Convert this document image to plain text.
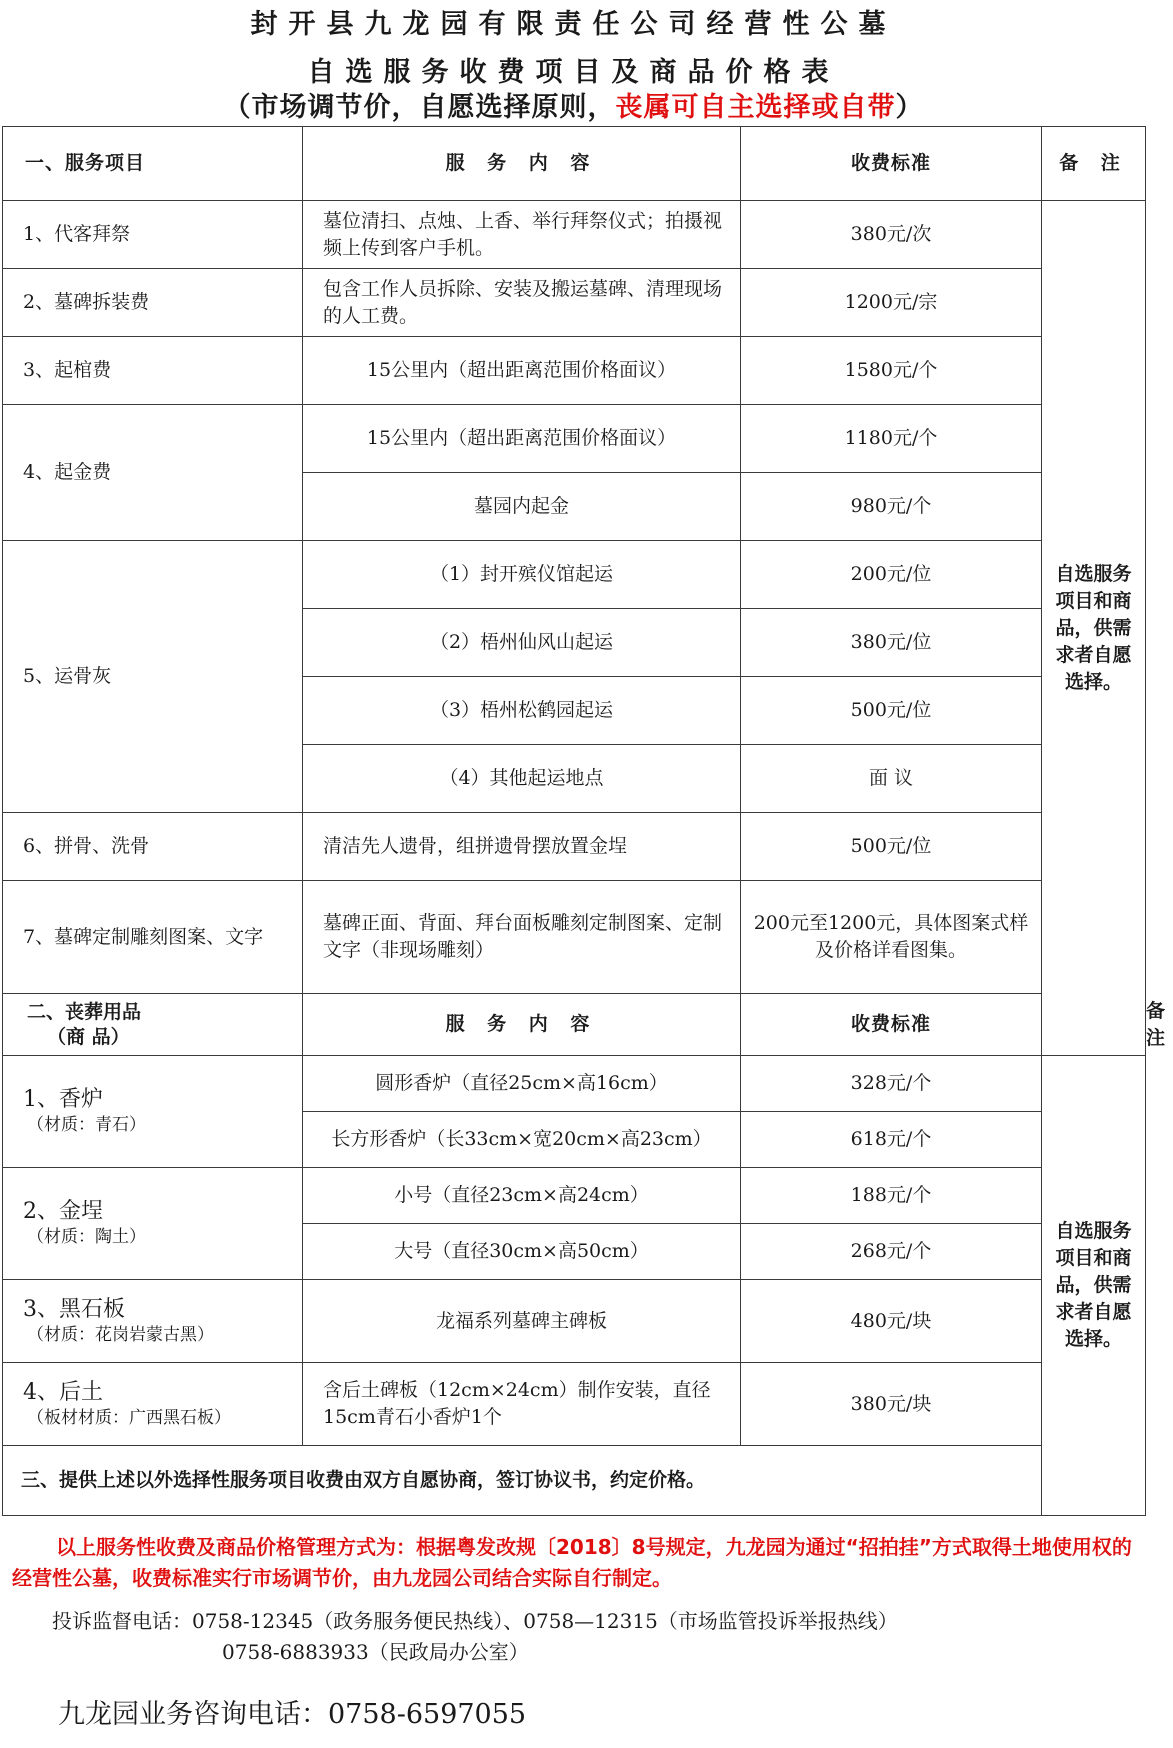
封开县九龙园有限责任公司经营性公墓
自选服务收费项目及商品价格表
（市场调节价，自愿选择原则，丧属可自主选择或自带）
一、服务项目	服 务 内 容	收费标准	备 注	
1、代客拜祭	墓位清扫、点烛、上香、举行拜祭仪式；拍摄视频上传到客户手机。	380元/次	自选服务项目和商品，供需求者自愿选择。	
2、墓碑拆装费	包含工作人员拆除、安装及搬运墓碑、清理现场的人工费。	1200元/宗		
3、起棺费	15公里内（超出距离范围价格面议）	1580元/个		
4、起金费	15公里内（超出距离范围价格面议）	1180元/个		
	墓园内起金	980元/个		
5、运骨灰	（1）封开殡仪馆起运	200元/位		
	（2）梧州仙风山起运	380元/位		
	（3）梧州松鹤园起运	500元/位		
	（4）其他起运地点	面 议		
6、拼骨、洗骨	清洁先人遗骨，组拼遗骨摆放置金埕	500元/位		
7、墓碑定制雕刻图案、文字	墓碑正面、背面、拜台面板雕刻定制图案、定制文字（非现场雕刻）	200元至1200元，具体图案式样及价格详看图集。		

二、丧葬用品
（商 品）	服 务 内 容	收费标准		备 注

1、香炉
（材质：青石）	圆形香炉（直径25cm×高16cm）	328元/个	自选服务项目和商品，供需求者自愿选择。	
	长方形香炉（长33cm×宽20cm×高23cm）	618元/个		

2、金埕
（材质：陶土）	小号（直径23cm×高24cm）	188元/个		
	大号（直径30cm×高50cm）	268元/个		

3、黑石板
（材质：花岗岩蒙古黑）	龙福系列墓碑主碑板	480元/块		

4、后土
（板材材质：广西黑石板）	含后土碑板（12cm×24cm）制作安装，直径15cm青石小香炉1个	380元/块		
三、提供上述以外选择性服务项目收费由双方自愿协商，签订协议书，约定价格。				
以上服务性收费及商品价格管理方式为：根据粤发改规〔2018〕8号规定，九龙园为通过“招拍挂”方式取得土地使用权的经营性公墓，收费标准实行市场调节价，由九龙园公司结合实际自行制定。
投诉监督电话：0758-12345（政务服务便民热线）、0758—12315（市场监管投诉举报热线）
0758-6883933（民政局办公室）
九龙园业务咨询电话：0758-6597055
